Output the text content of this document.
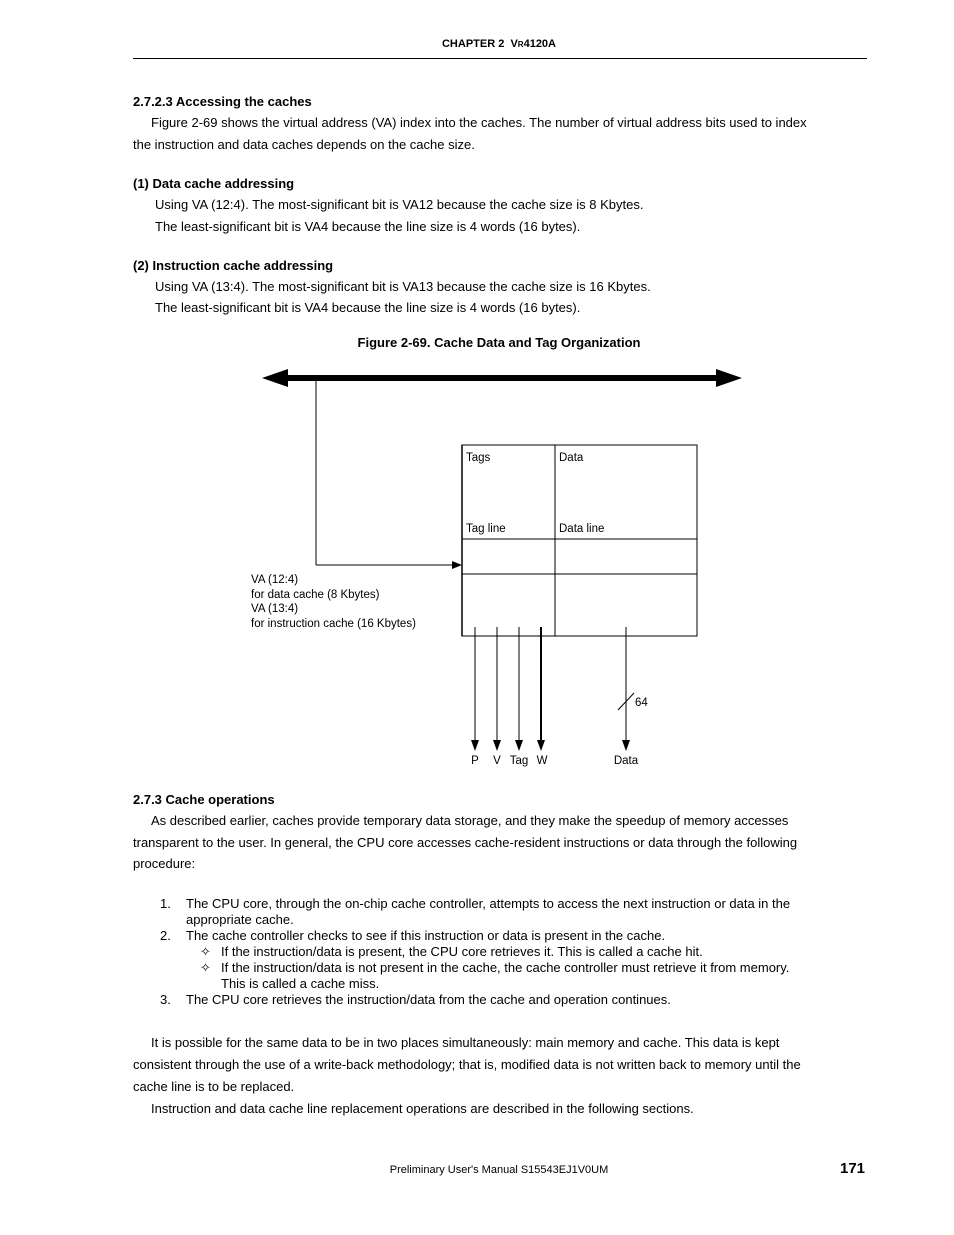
CHAPTER 2 VR4120A
2.7.2.3 Accessing the caches
Figure 2-69 shows the virtual address (VA) index into the caches. The number of virtual address bits used to index
the instruction and data caches depends on the cache size.
(1) Data cache addressing
Using VA (12:4). The most-significant bit is VA12 because the cache size is 8 Kbytes.
The least-significant bit is VA4 because the line size is 4 words (16 bytes).
(2) Instruction cache addressing
Using VA (13:4). The most-significant bit is VA13 because the cache size is 16 Kbytes.
The least-significant bit is VA4 because the line size is 4 words (16 bytes).
Figure 2-69. Cache Data and Tag Organization
Tags	Data
Tag line	Data line
VA (12:4)
for data cache (8 Kbytes)
VA (13:4)
for instruction cache (16 Kbytes)
64
P V Tag W	Data
2.7.3 Cache operations
As described earlier, caches provide temporary data storage, and they make the speedup of memory accesses
transparent to the user. In general, the CPU core accesses cache-resident instructions or data through the following
procedure:
1. The CPU core, through the on-chip cache controller, attempts to access the next instruction or data in the
appropriate cache.
2. The cache controller checks to see if this instruction or data is present in the cache.
✧ If the instruction/data is present, the CPU core retrieves it. This is called a cache hit.
✧ If the instruction/data is not present in the cache, the cache controller must retrieve it from memory.
This is called a cache miss.
3. The CPU core retrieves the instruction/data from the cache and operation continues.
It is possible for the same data to be in two places simultaneously: main memory and cache. This data is kept
consistent through the use of a write-back methodology; that is, modified data is not written back to memory until the
cache line is to be replaced.
Instruction and data cache line replacement operations are described in the following sections.
Preliminary User's Manual S15543EJ1V0UM	171
